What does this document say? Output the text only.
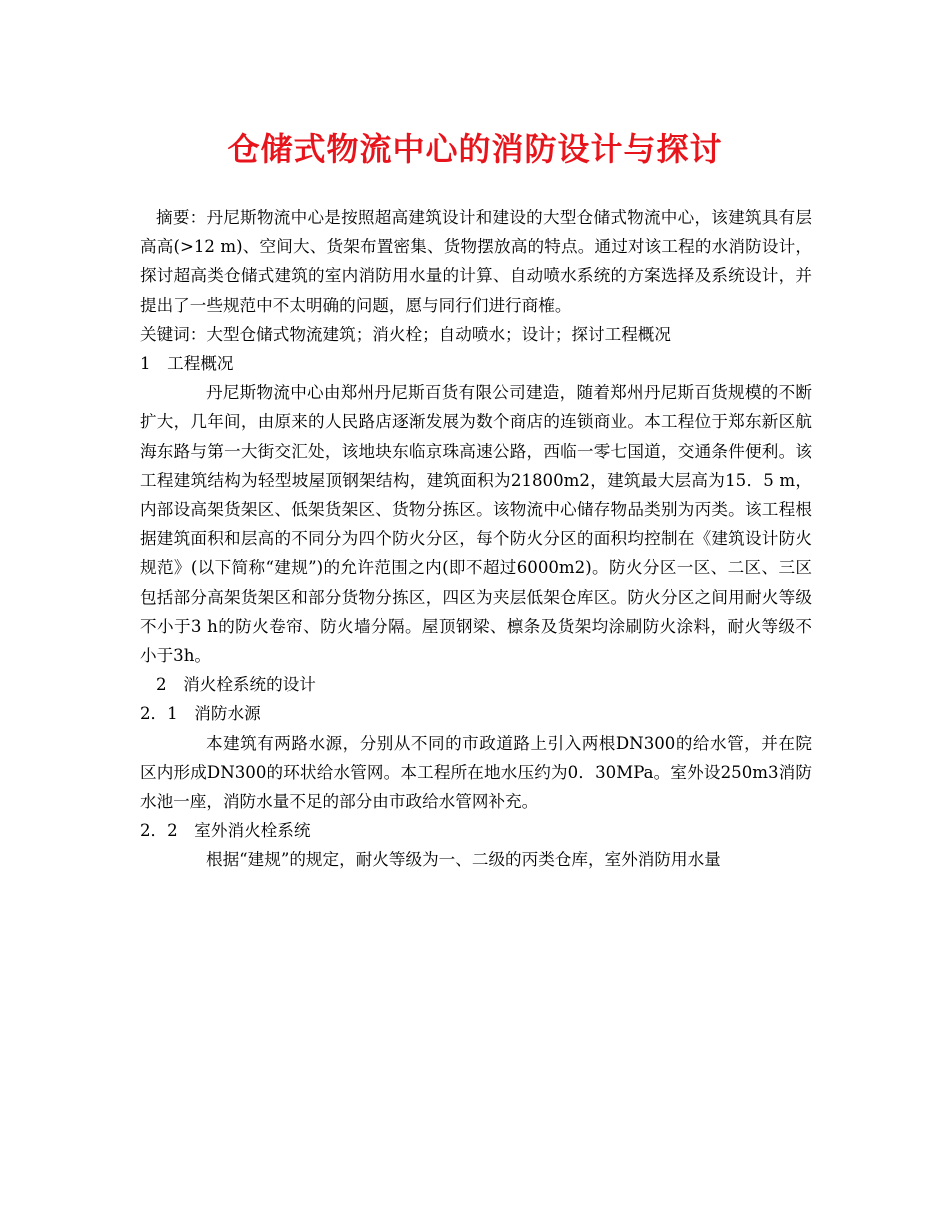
仓储式物流中心的消防设计与探讨

摘要：丹尼斯物流中心是按照超高建筑设计和建设的大型仓储式物流中心，该建筑具有层高高(>12 m)、空间大、货架布置密集、货物摆放高的特点。通过对该工程的水消防设计，探讨超高类仓储式建筑的室内消防用水量的计算、自动喷水系统的方案选择及系统设计，并提出了一些规范中不太明确的问题，愿与同行们进行商榷。

关键词：大型仓储式物流建筑；消火栓；自动喷水；设计；探讨工程概况

1　工程概况

丹尼斯物流中心由郑州丹尼斯百货有限公司建造，随着郑州丹尼斯百货规模的不断扩大，几年间，由原来的人民路店逐渐发展为数个商店的连锁商业。本工程位于郑东新区航海东路与第一大街交汇处，该地块东临京珠高速公路，西临一零七国道，交通条件便利。该工程建筑结构为轻型坡屋顶钢架结构，建筑面积为21800m2，建筑最大层高为15．5 m，内部设高架货架区、低架货架区、货物分拣区。该物流中心储存物品类别为丙类。该工程根据建筑面积和层高的不同分为四个防火分区，每个防火分区的面积均控制在《建筑设计防火规范》(以下简称“建规”)的允许范围之内(即不超过6000m2)。防火分区一区、二区、三区包括部分高架货架区和部分货物分拣区，四区为夹层低架仓库区。防火分区之间用耐火等级不小于3 h的防火卷帘、防火墙分隔。屋顶钢梁、檩条及货架均涂刷防火涂料，耐火等级不小于3h。

2　消火栓系统的设计

2．1　消防水源

本建筑有两路水源，分别从不同的市政道路上引入两根DN300的给水管，并在院区内形成DN300的环状给水管网。本工程所在地水压约为0．30MPa。室外设250m3消防水池一座，消防水量不足的部分由市政给水管网补充。

2．2　室外消火栓系统

根据“建规”的规定，耐火等级为一、二级的丙类仓库，室外消防用水量
